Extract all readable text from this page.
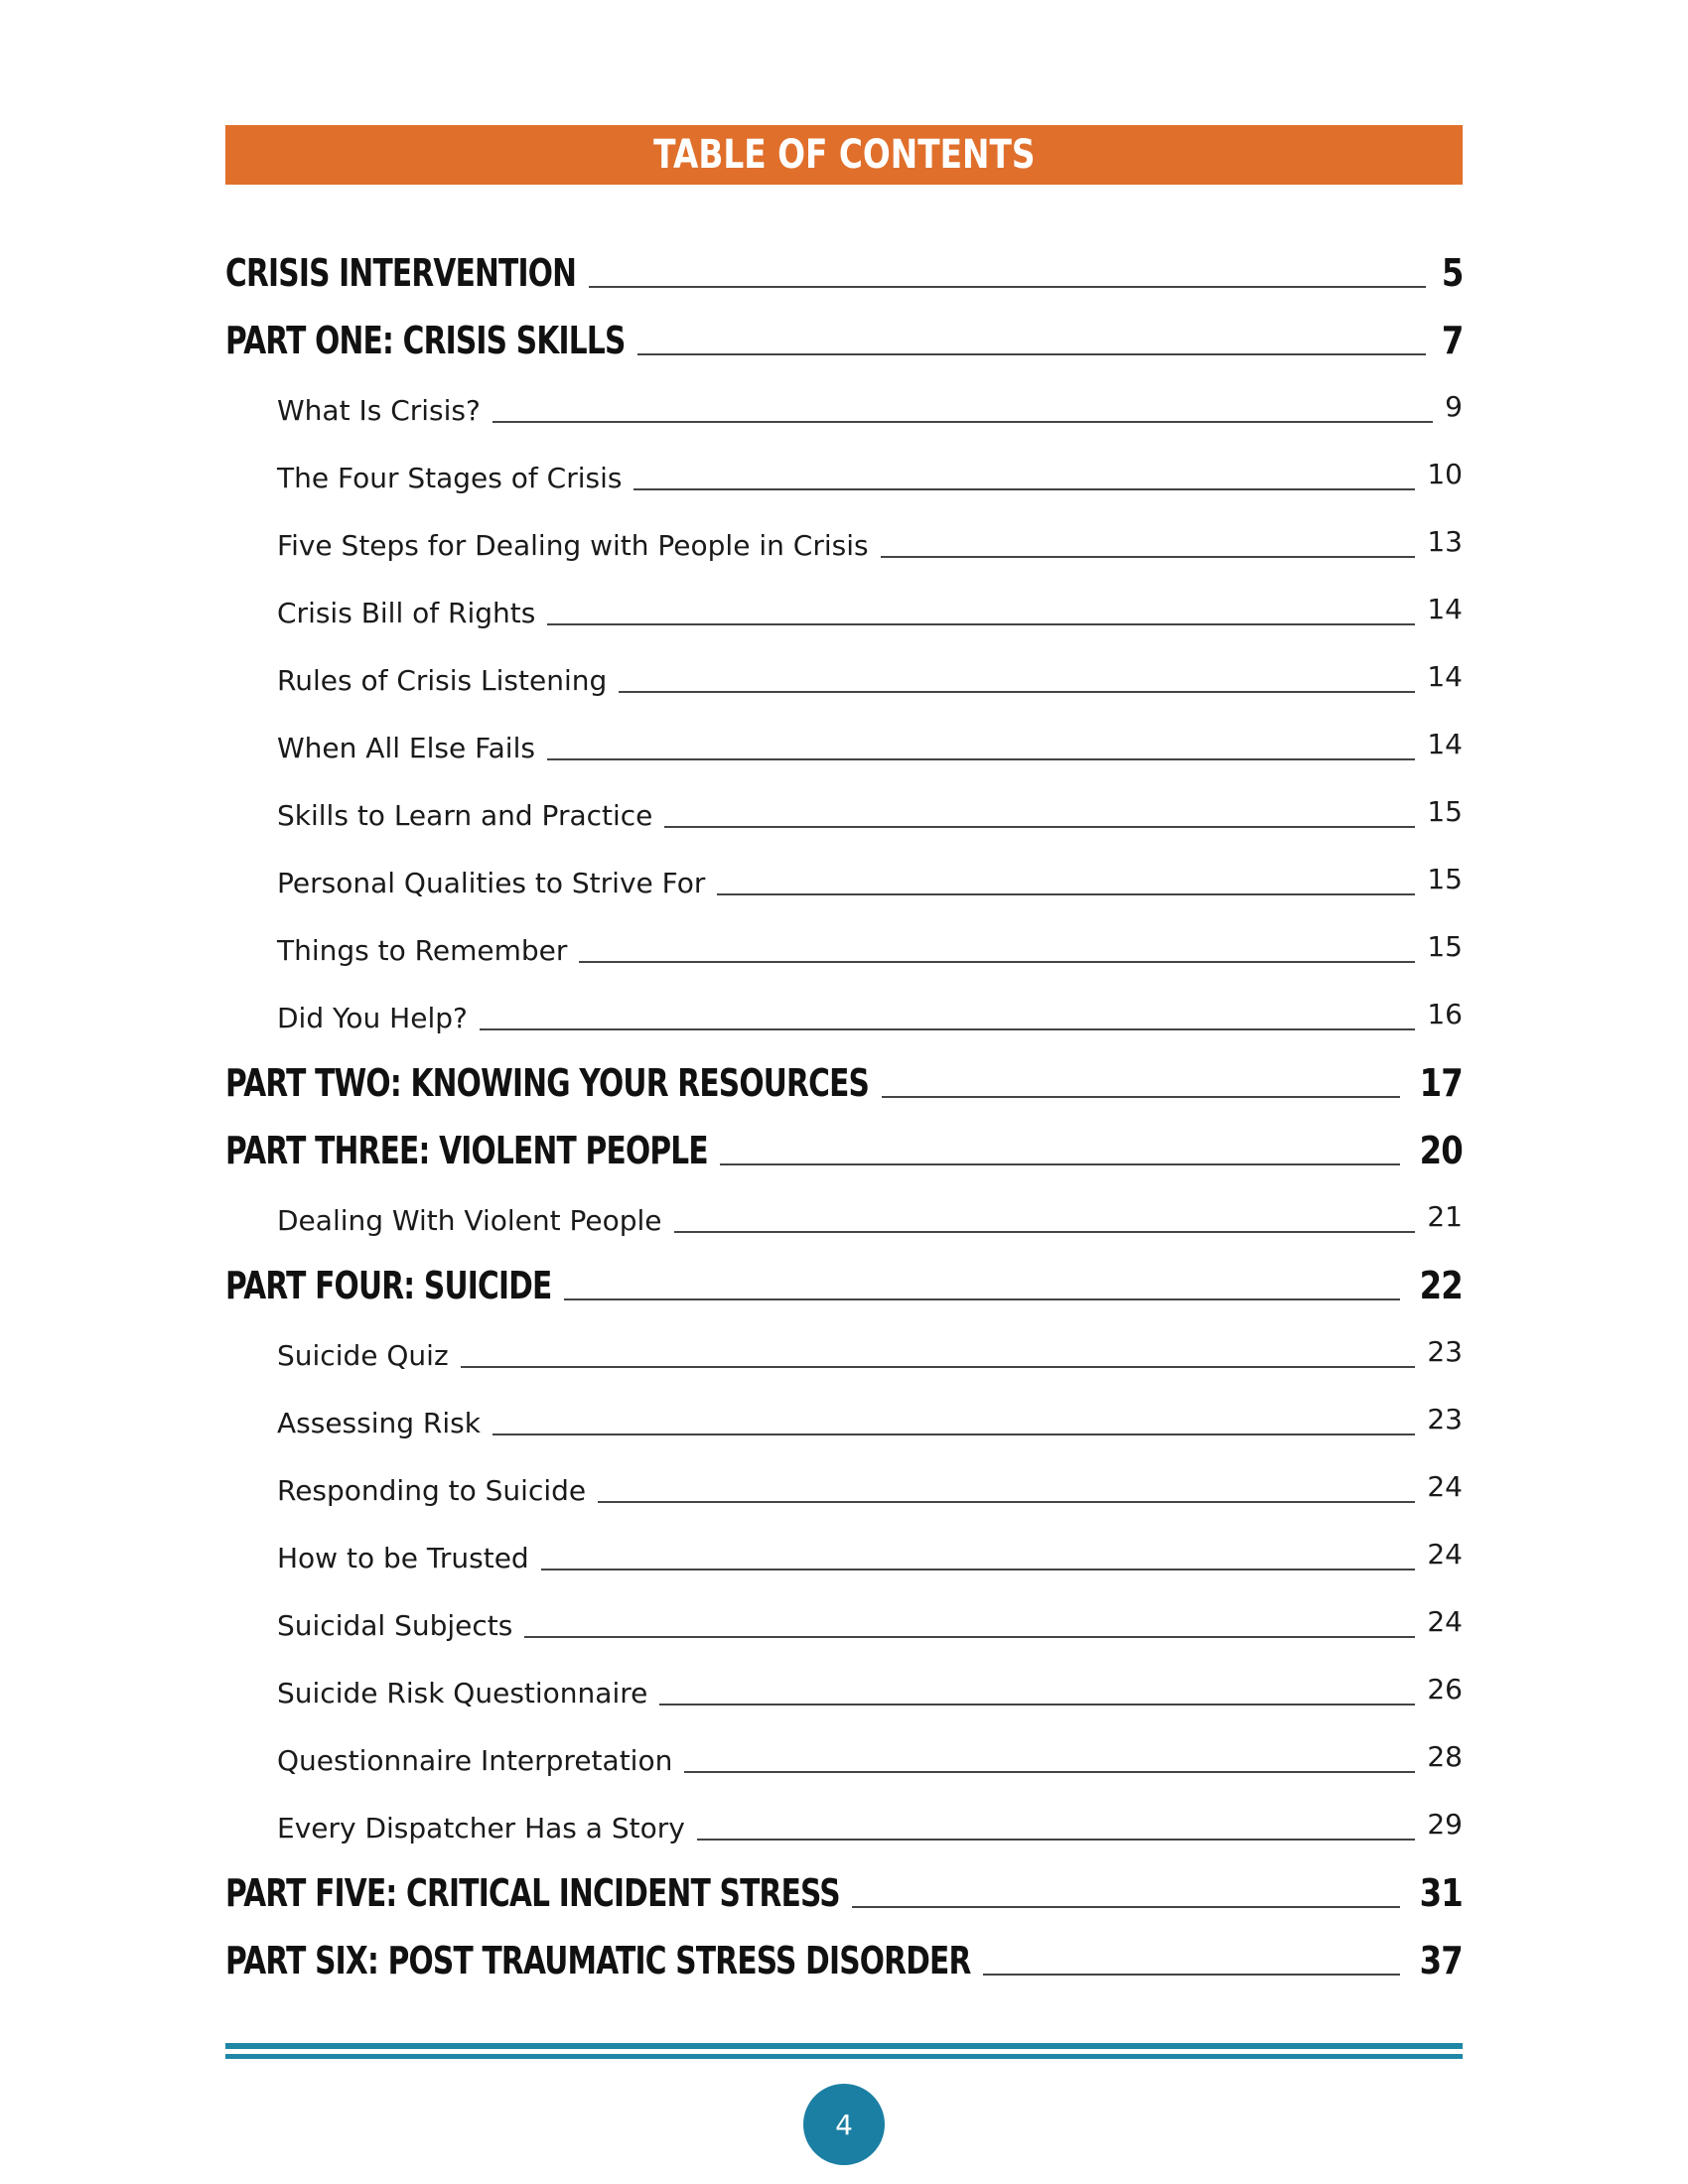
TABLE OF CONTENTS
CRISIS INTERVENTION	5
PART ONE: CRISIS SKILLS	7
What Is Crisis?	9
The Four Stages of Crisis	10
Five Steps for Dealing with People in Crisis	13
Crisis Bill of Rights	14
Rules of Crisis Listening	14
When All Else Fails	14
Skills to Learn and Practice	15
Personal Qualities to Strive For	15
Things to Remember	15
Did You Help?	16
PART TWO: KNOWING YOUR RESOURCES	17
PART THREE: VIOLENT PEOPLE	20
Dealing With Violent People	21
PART FOUR: SUICIDE	22
Suicide Quiz	23
Assessing Risk	23
Responding to Suicide	24
How to be Trusted	24
Suicidal Subjects	24
Suicide Risk Questionnaire	26
Questionnaire Interpretation	28
Every Dispatcher Has a Story	29
PART FIVE: CRITICAL INCIDENT STRESS	31
PART SIX: POST TRAUMATIC STRESS DISORDER	37
4
